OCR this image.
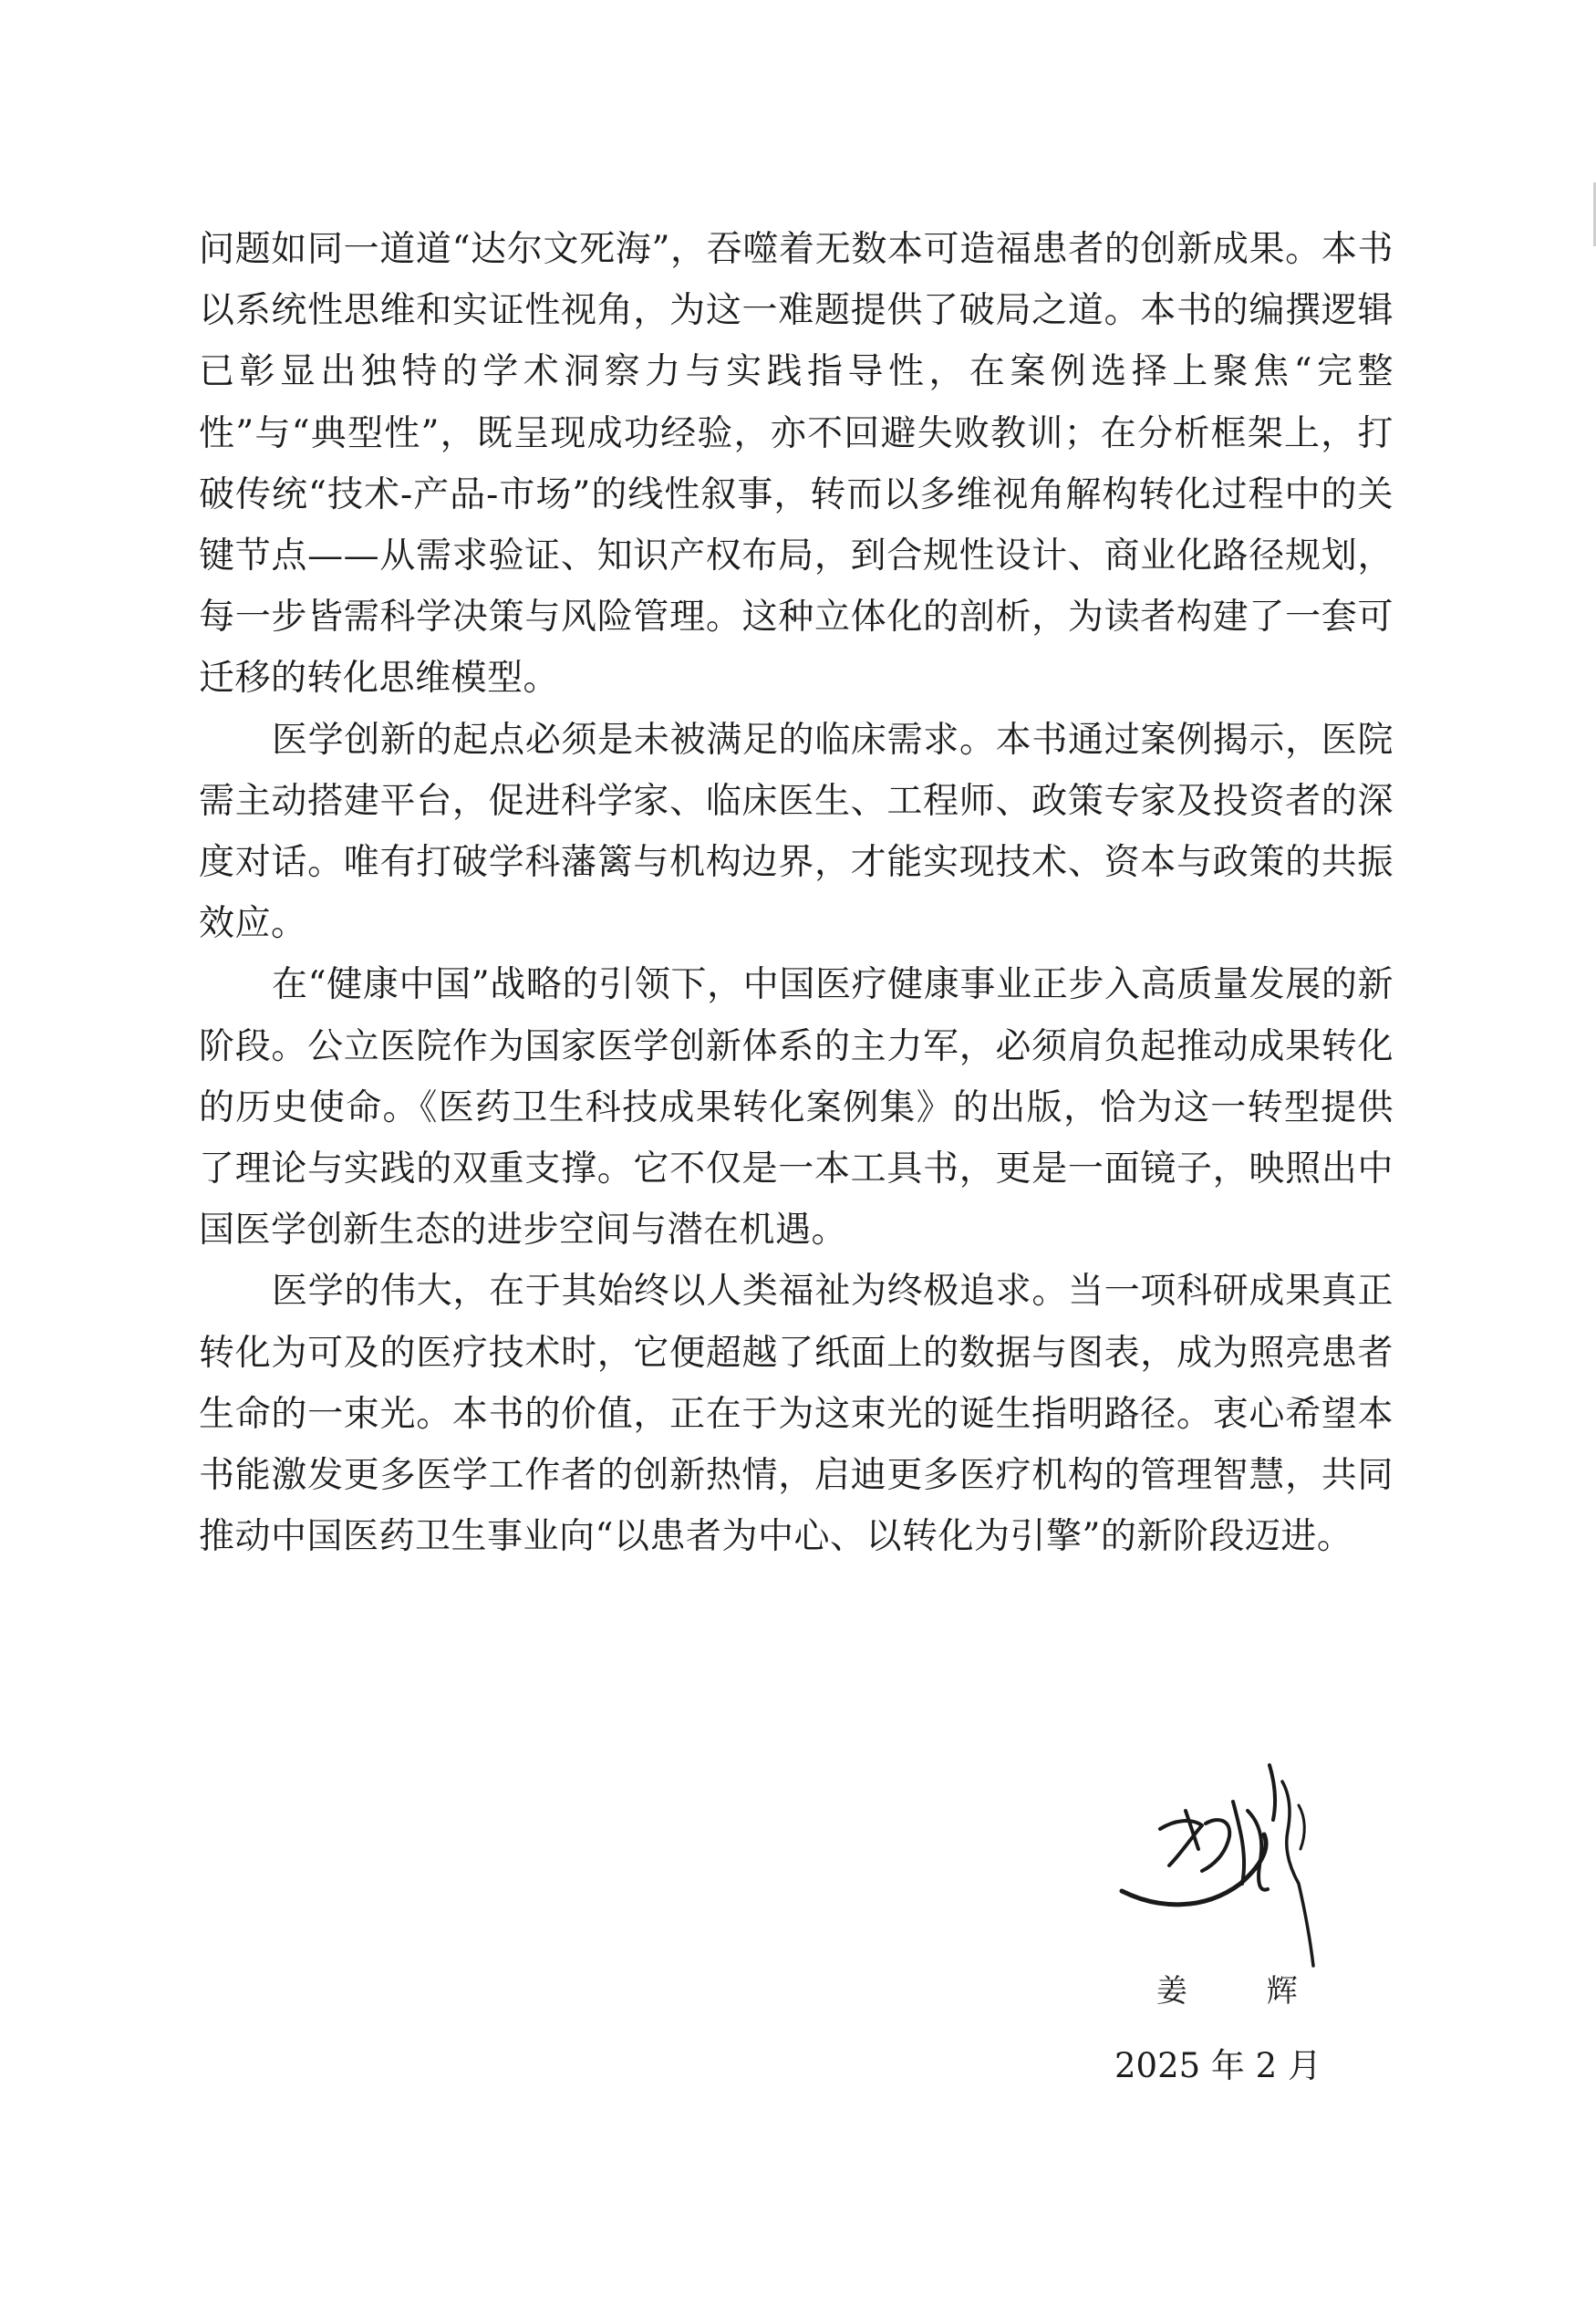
问题如同一道道“达尔文死海”，吞噬着无数本可造福患者的创新成果。本书以系统性思维和实证性视角，为这一难题提供了破局之道。本书的编撰逻辑已彰显出独特的学术洞察力与实践指导性，在案例选择上聚焦“完整性”与“典型性”，既呈现成功经验，亦不回避失败教训；在分析框架上，打破传统“技术-产品-市场”的线性叙事，转而以多维视角解构转化过程中的关键节点——从需求验证、知识产权布局，到合规性设计、商业化路径规划，每一步皆需科学决策与风险管理。这种立体化的剖析，为读者构建了一套可迁移的转化思维模型。

医学创新的起点必须是未被满足的临床需求。本书通过案例揭示，医院需主动搭建平台，促进科学家、临床医生、工程师、政策专家及投资者的深度对话。唯有打破学科藩篱与机构边界，才能实现技术、资本与政策的共振效应。

在“健康中国”战略的引领下，中国医疗健康事业正步入高质量发展的新阶段。公立医院作为国家医学创新体系的主力军，必须肩负起推动成果转化的历史使命。《医药卫生科技成果转化案例集》的出版，恰为这一转型提供了理论与实践的双重支撑。它不仅是一本工具书，更是一面镜子，映照出中国医学创新生态的进步空间与潜在机遇。

医学的伟大，在于其始终以人类福祉为终极追求。当一项科研成果真正转化为可及的医疗技术时，它便超越了纸面上的数据与图表，成为照亮患者生命的一束光。本书的价值，正在于为这束光的诞生指明路径。衷心希望本书能激发更多医学工作者的创新热情，启迪更多医疗机构的管理智慧，共同推动中国医药卫生事业向“以患者为中心、以转化为引擎”的新阶段迈进。

姜 辉
2025 年 2 月
